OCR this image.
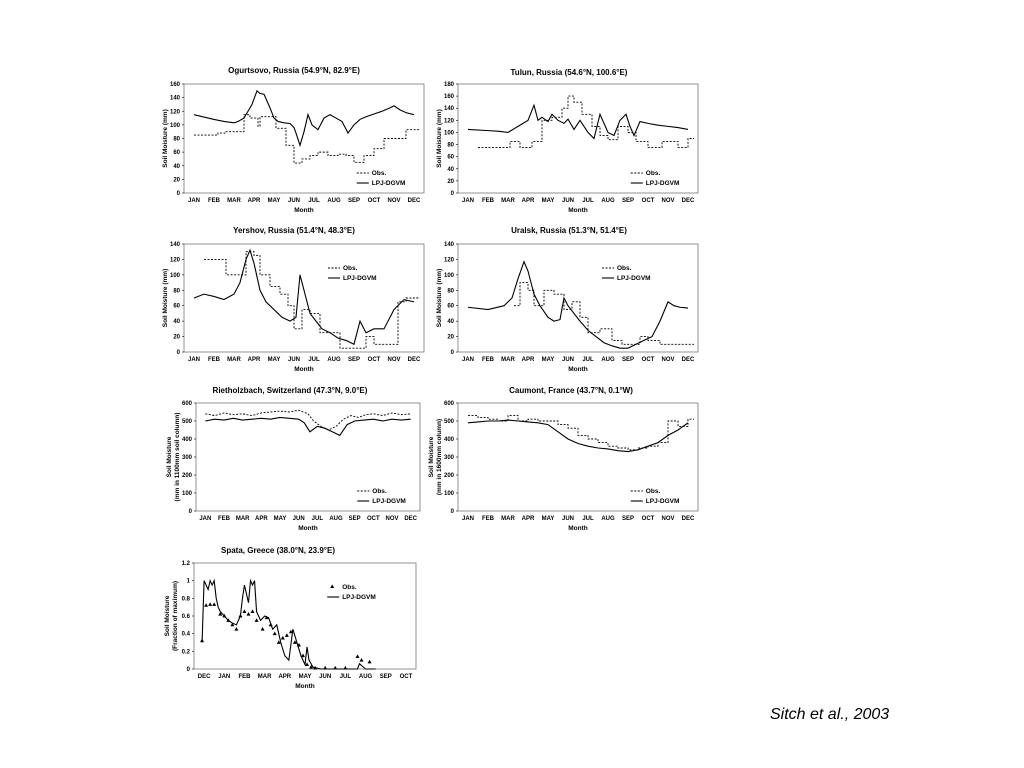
Ogurtsovo, Russia (54.9°N, 82.9°E)
0
20
40
60
80
100
120
140
160
JAN FEB MAR APR MAY JUN JUL AUG SEP OCT NOV DEC
Month
Soil Moisture (mm)
Obs.
LPJ-DGVM
Tulun, Russia (54.6°N, 100.6°E)
0
20
40
60
80
100
120
140
160
180
JAN FEB MAR APR MAY JUN JUL AUG SEP OCT NOV DEC
Month
Soil Moisture (mm)
Obs.
LPJ-DGVM
Yershov, Russia (51.4°N, 48.3°E)
0
20
40
60
80
100
120
140
JAN FEB MAR APR MAY JUN JUL AUG SEP OCT NOV DEC
Month
Soil Moisture (mm)
Obs.
LPJ-DGVM
Uralsk, Russia (51.3°N, 51.4°E)
0
20
40
60
80
100
120
140
JAN FEB MAR APR MAY JUN JUL AUG SEP OCT NOV DEC
Month
Soil Moisture (mm)
Obs.
LPJ-DGVM
Rietholzbach, Switzerland (47.3°N, 9.0°E)
0
100
200
300
400
500
600
JAN FEB MAR APR MAY JUN JUL AUG SEP OCT NOV DEC
Month
Soil Moisture (mm in 1100mm soil column)	Obs.
LPJ-DGVM
Caumont, France (43.7°N, 0.1°W)
0
100
200
300
400
500
600
JAN FEB MAR APR MAY JUN JUL AUG SEP OCT NOV DEC
Month
Soil Moisture (mm in 1600mm column)	Obs.
LPJ-DGVM
Spata, Greece (38.0°N, 23.9°E)
0
0.2
0.4
0.6
0.8
1
1.2
DEC JAN FEB MAR APR MAY JUN JUL AUG SEP OCT
Month
Soil Moisture (Fraction of maximum)	Obs.
LPJ-DGVM
Sitch et al., 2003
